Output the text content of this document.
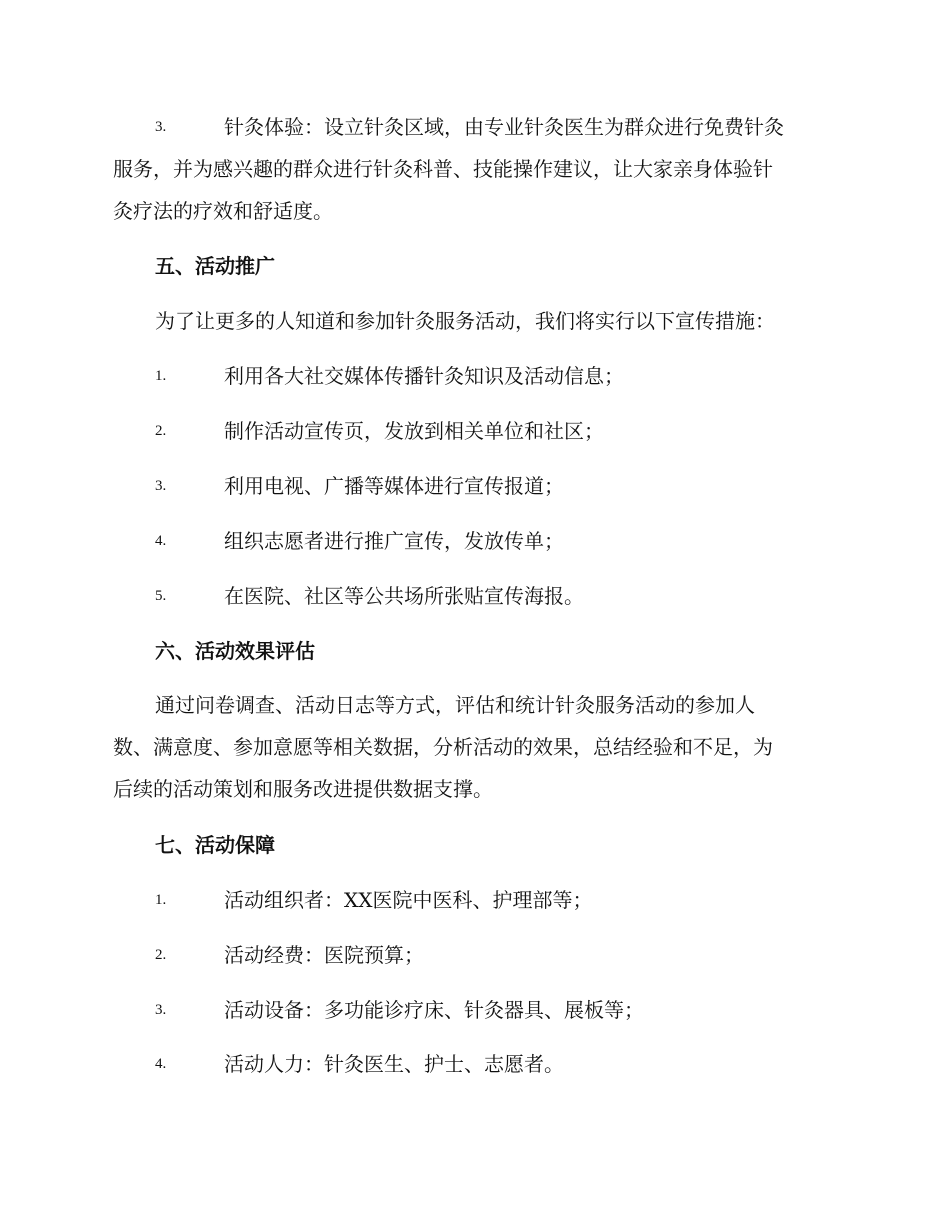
3.	针灸体验：设立针灸区域，由专业针灸医生为群众进行免费针灸
服务，并为感兴趣的群众进行针灸科普、技能操作建议，让大家亲身体验针
灸疗法的疗效和舒适度。
五、活动推广
为了让更多的人知道和参加针灸服务活动，我们将实行以下宣传措施：
1.	利用各大社交媒体传播针灸知识及活动信息；
2.	制作活动宣传页，发放到相关单位和社区；
3.	利用电视、广播等媒体进行宣传报道；
4.	组织志愿者进行推广宣传，发放传单；
5.	在医院、社区等公共场所张贴宣传海报。
六、活动效果评估
通过问卷调查、活动日志等方式，评估和统计针灸服务活动的参加人
数、满意度、参加意愿等相关数据，分析活动的效果，总结经验和不足，为
后续的活动策划和服务改进提供数据支撑。
七、活动保障
1.	活动组织者：XX医院中医科、护理部等；
2.	活动经费：医院预算；
3.	活动设备：多功能诊疗床、针灸器具、展板等；
4.	活动人力：针灸医生、护士、志愿者。
